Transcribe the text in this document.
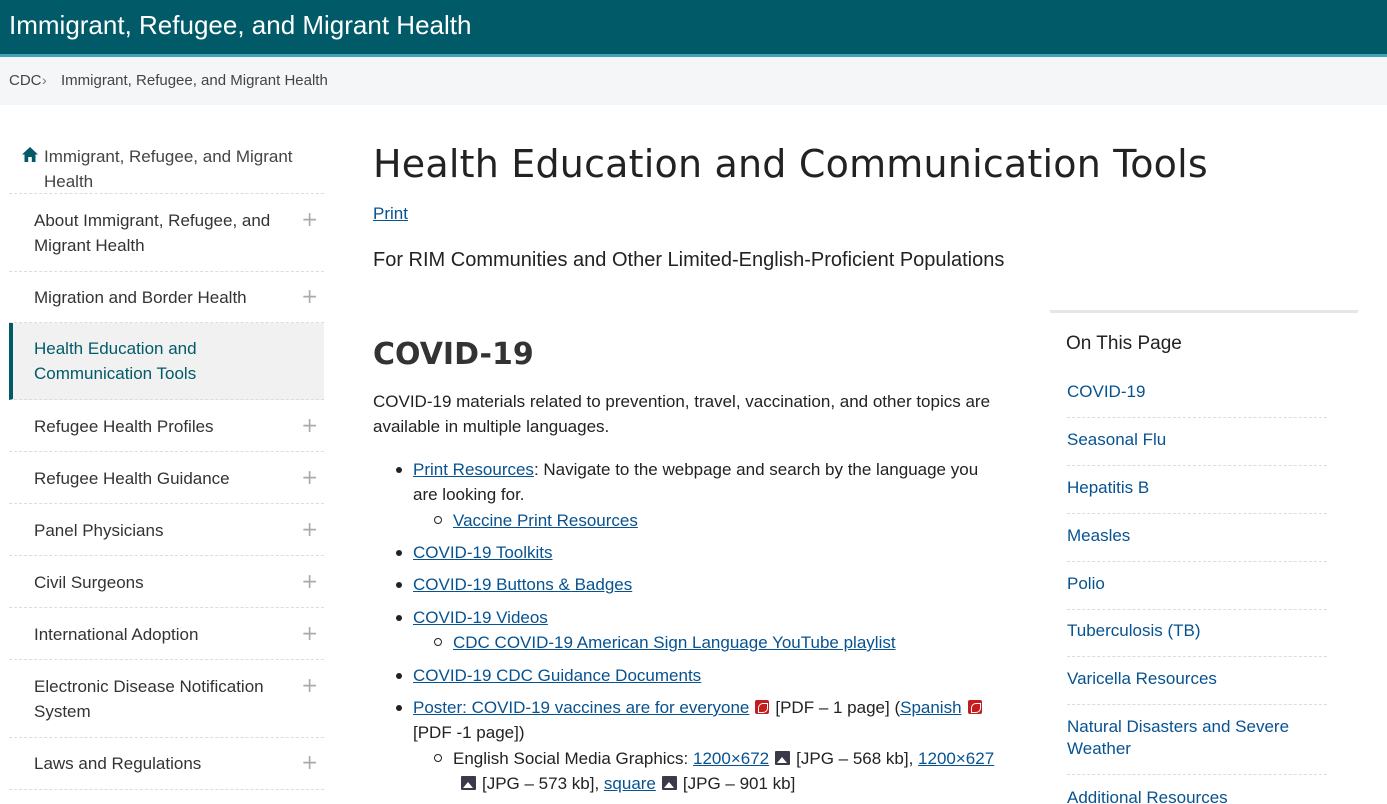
Immigrant, Refugee, and Migrant Health
CDC › Immigrant, Refugee, and Migrant Health
Immigrant, Refugee, and Migrant Health
About Immigrant, Refugee, and Migrant Health
+
Migration and Border Health	+
Health Education and Communication Tools
Refugee Health Profiles	+
Refugee Health Guidance	+
Panel Physicians	+
Civil Surgeons	+
International Adoption	+
Electronic Disease Notification System
+
Laws and Regulations	+
Health Education and Communication Tools
Print
For RIM Communities and Other Limited-English-Proficient Populations
COVID-19
COVID-19 materials related to prevention, travel, vaccination, and other topics are available in multiple languages.
Print Resources: Navigate to the webpage and search by the language you
are looking for.
Vaccine Print Resources
COVID-19 Toolkits
COVID-19 Buttons & Badges
COVID-19 Videos
CDC COVID-19 American Sign Language YouTube playlist
COVID-19 CDC Guidance Documents
Poster: COVID-19 vaccines are for everyone [PDF – 1 page] (Spanish
[PDF -1 page])
English Social Media Graphics: 1200×672 [JPG – 568 kb], 1200×627
[JPG – 573 kb], square [JPG – 901 kb]
On This Page
COVID-19
Seasonal Flu
Hepatitis B
Measles
Polio
Tuberculosis (TB)
Varicella Resources
Natural Disasters and Severe Weather
Additional Resources
